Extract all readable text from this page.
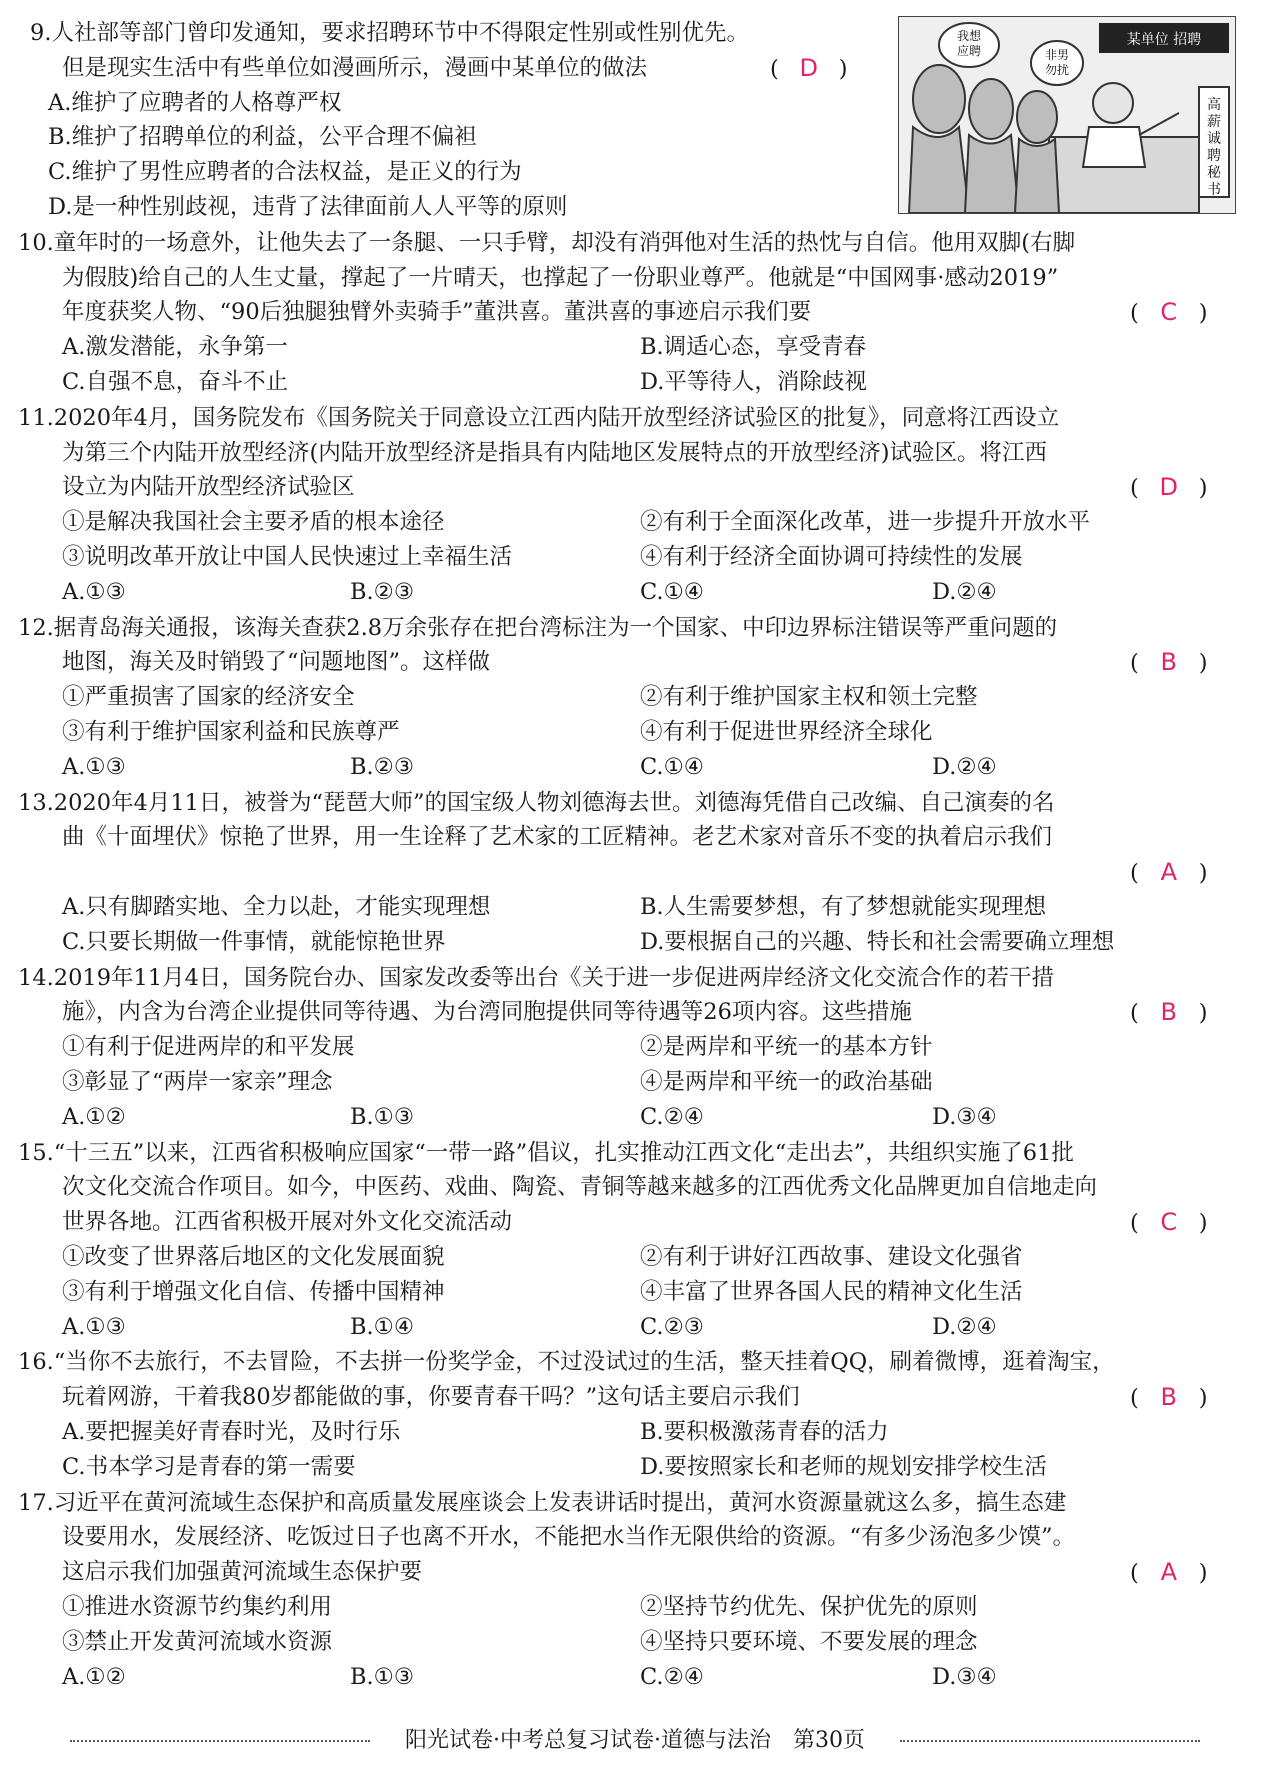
9.人社部等部门曾印发通知，要求招聘环节中不得限定性别或性别优先。
但是现实生活中有些单位如漫画所示，漫画中某单位的做法	( D )
A.维护了应聘者的人格尊严权
B.维护了招聘单位的利益，公平合理不偏袒
C.维护了男性应聘者的合法权益，是正义的行为
D.是一种性别歧视，违背了法律面前人人平等的原则
10.童年时的一场意外，让他失去了一条腿、一只手臂，却没有消弭他对生活的热忱与自信。他用双脚(右脚
为假肢)给自己的人生丈量，撑起了一片晴天，也撑起了一份职业尊严。他就是“中国网事·感动2019”
年度获奖人物、“90后独腿独臂外卖骑手”董洪喜。董洪喜的事迹启示我们要	( C )
A.激发潜能，永争第一	B.调适心态，享受青春
C.自强不息，奋斗不止	D.平等待人，消除歧视
11.2020年4月，国务院发布《国务院关于同意设立江西内陆开放型经济试验区的批复》，同意将江西设立
为第三个内陆开放型经济(内陆开放型经济是指具有内陆地区发展特点的开放型经济)试验区。将江西
设立为内陆开放型经济试验区	( D )
①是解决我国社会主要矛盾的根本途径	②有利于全面深化改革，进一步提升开放水平
③说明改革开放让中国人民快速过上幸福生活	④有利于经济全面协调可持续性的发展
A.①③	B.②③	C.①④	D.②④
12.据青岛海关通报，该海关查获2.8万余张存在把台湾标注为一个国家、中印边界标注错误等严重问题的
地图，海关及时销毁了“问题地图”。这样做	( B )
①严重损害了国家的经济安全	②有利于维护国家主权和领土完整
③有利于维护国家利益和民族尊严	④有利于促进世界经济全球化
A.①③	B.②③	C.①④	D.②④
13.2020年4月11日，被誉为“琵琶大师”的国宝级人物刘德海去世。刘德海凭借自己改编、自己演奏的名
曲《十面埋伏》惊艳了世界，用一生诠释了艺术家的工匠精神。老艺术家对音乐不变的执着启示我们
( A )
A.只有脚踏实地、全力以赴，才能实现理想	B.人生需要梦想，有了梦想就能实现理想
C.只要长期做一件事情，就能惊艳世界	D.要根据自己的兴趣、特长和社会需要确立理想
14.2019年11月4日，国务院台办、国家发改委等出台《关于进一步促进两岸经济文化交流合作的若干措
施》，内含为台湾企业提供同等待遇、为台湾同胞提供同等待遇等26项内容。这些措施	( B )
①有利于促进两岸的和平发展	②是两岸和平统一的基本方针
③彰显了“两岸一家亲”理念	④是两岸和平统一的政治基础
A.①②	B.①③	C.②④	D.③④
15.“十三五”以来，江西省积极响应国家“一带一路”倡议，扎实推动江西文化“走出去”，共组织实施了61批
次文化交流合作项目。如今，中医药、戏曲、陶瓷、青铜等越来越多的江西优秀文化品牌更加自信地走向
世界各地。江西省积极开展对外文化交流活动	( C )
①改变了世界落后地区的文化发展面貌	②有利于讲好江西故事、建设文化强省
③有利于增强文化自信、传播中国精神	④丰富了世界各国人民的精神文化生活
A.①③	B.①④	C.②③	D.②④
16.“当你不去旅行，不去冒险，不去拼一份奖学金，不过没试过的生活，整天挂着QQ，刷着微博，逛着淘宝，
玩着网游，干着我80岁都能做的事，你要青春干吗？”这句话主要启示我们	( B )
A.要把握美好青春时光，及时行乐	B.要积极激荡青春的活力
C.书本学习是青春的第一需要	D.要按照家长和老师的规划安排学校生活
17.习近平在黄河流域生态保护和高质量发展座谈会上发表讲话时提出，黄河水资源量就这么多，搞生态建
设要用水，发展经济、吃饭过日子也离不开水，不能把水当作无限供给的资源。“有多少汤泡多少馍”。
这启示我们加强黄河流域生态保护要	( A )
①推进水资源节约集约利用	②坚持节约优先、保护优先的原则
③禁止开发黄河流域水资源	④坚持只要环境、不要发展的理念
A.①②	B.①③	C.②④	D.③④
我想
应聘	非男
勿扰
某单位 招聘
高薪诚聘秘书
阳光试卷·中考总复习试卷·道德与法治　第30页
